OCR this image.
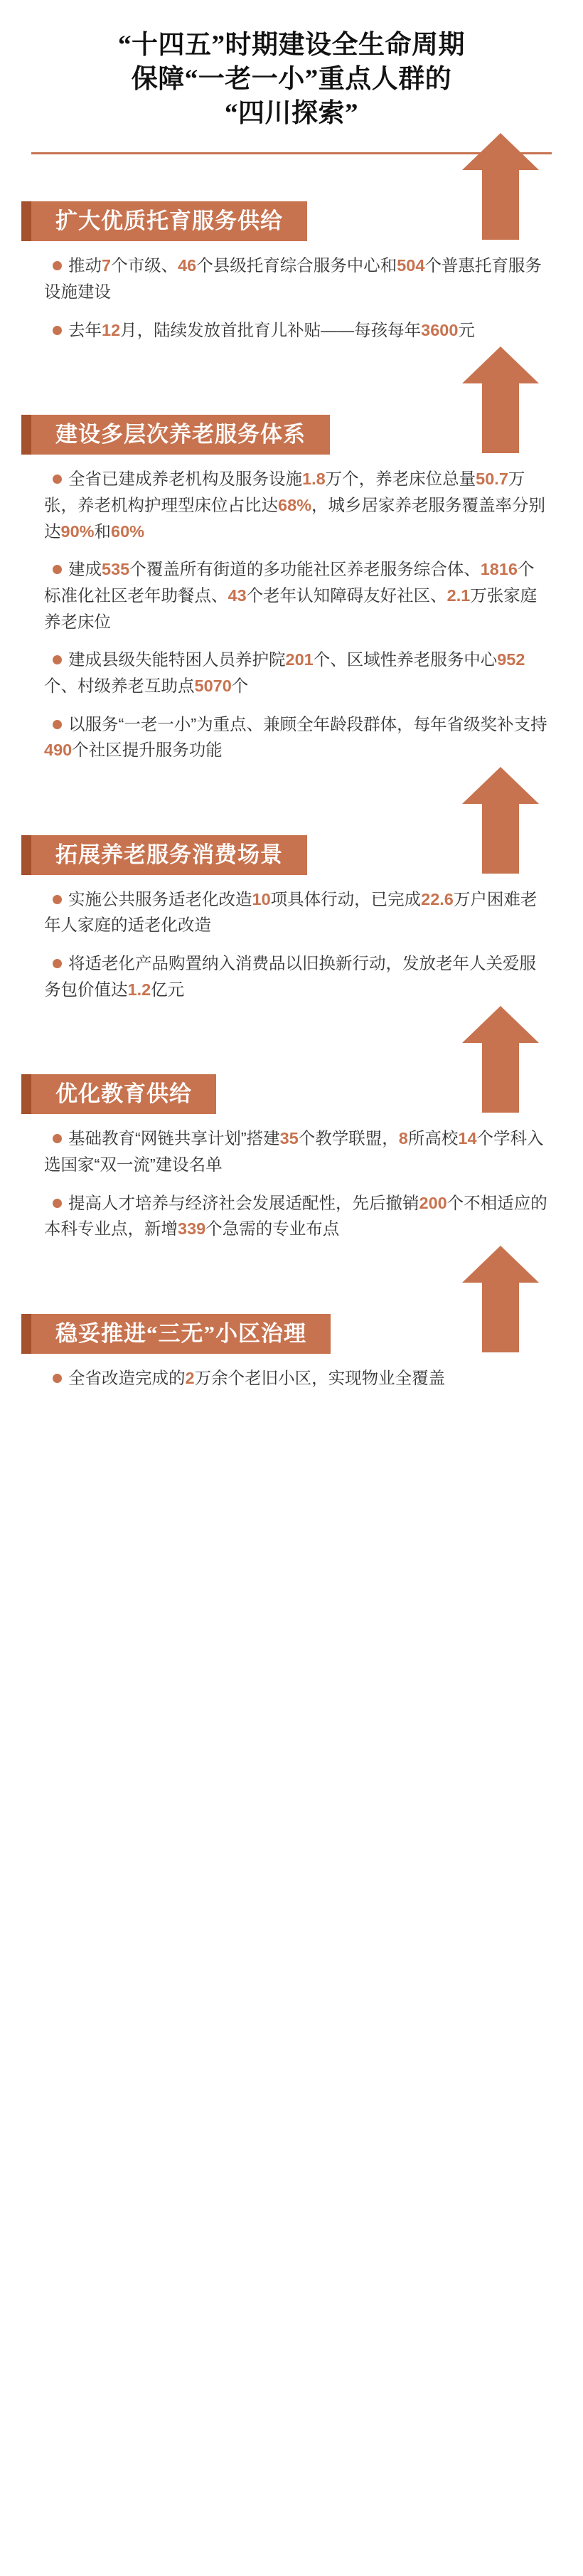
“十四五”时期建设全生命周期
保障“一老一小”重点人群的
“四川探索”
扩大优质托育服务供给

推动7个市级、46个县级托育综合服务中心和504个普惠托育服务设施建设

去年12月，陆续发放首批育儿补贴——每孩每年3600元

建设多层次养老服务体系

全省已建成养老机构及服务设施1.8万个，养老床位总量50.7万张，养老机构护理型床位占比达68%，城乡居家养老服务覆盖率分别达90%和60%

建成535个覆盖所有街道的多功能社区养老服务综合体、1816个标准化社区老年助餐点、43个老年认知障碍友好社区、2.1万张家庭养老床位

建成县级失能特困人员养护院201个、区域性养老服务中心952个、村级养老互助点5070个

以服务“一老一小”为重点、兼顾全年龄段群体，每年省级奖补支持490个社区提升服务功能

拓展养老服务消费场景

实施公共服务适老化改造10项具体行动，已完成22.6万户困难老年人家庭的适老化改造

将适老化产品购置纳入消费品以旧换新行动，发放老年人关爱服务包价值达1.2亿元

优化教育供给

基础教育“网链共享计划”搭建35个教学联盟，8所高校14个学科入选国家“双一流”建设名单

提高人才培养与经济社会发展适配性，先后撤销200个不相适应的本科专业点，新增339个急需的专业布点

稳妥推进“三无”小区治理

全省改造完成的2万余个老旧小区，实现物业全覆盖
